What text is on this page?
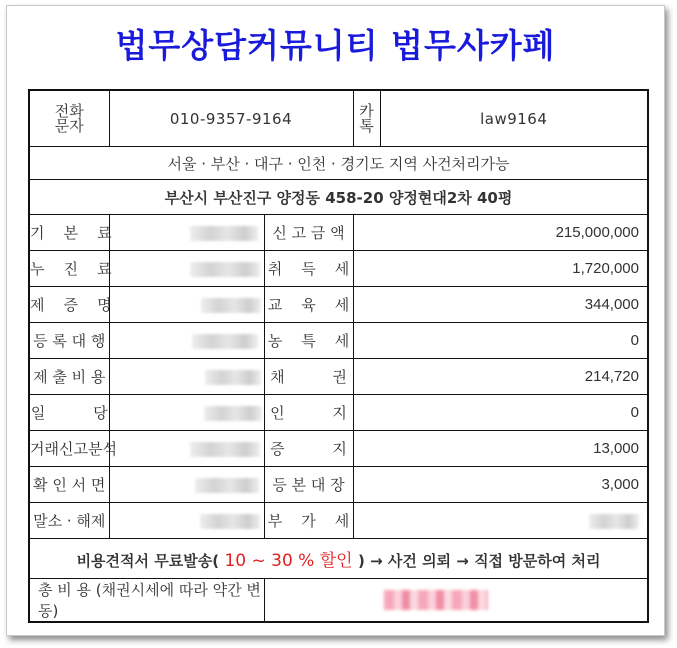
법무상담커뮤니티 법무사카페
전화
문자	010-9357-9164		카
톡	law9164

서울 · 부산 · 대구 · 인천 · 경기도 지역 사건처리가능
부산시 부산진구 양정동 458-20 양정현대2차 40평
기    본    료		신 고 금 액	215,000,000
누    진    료		취    득    세	1,720,000
제    증    명		교    육    세	344,000
등 록 대 행		농    특    세	0
제 출 비 용		채          권	214,720
일          당		인          지	0
거래신고분석		증          지	13,000
확 인 서 면		등 본 대 장	3,000
말소 · 해제		부    가    세	
비용견적서 무료발송( 10 ~ 30 % 할인 ) → 사건 의뢰 → 직접 방문하여 처리
총 비 용 (채권시세에 따라 약간 변동)	
